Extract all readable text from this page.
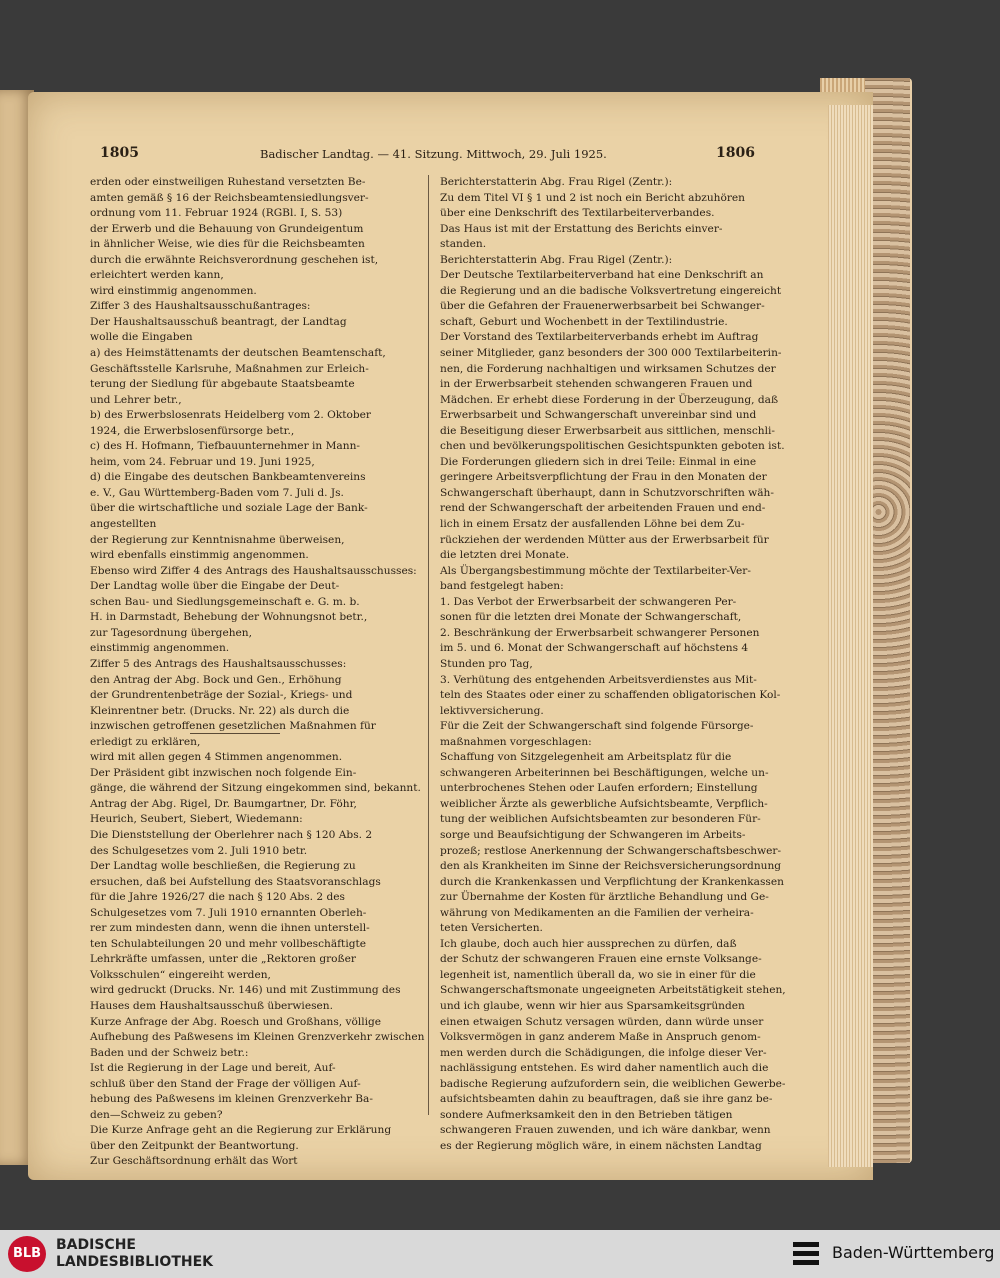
1805	Badischer Landtag. — 41. Sitzung. Mittwoch, 29. Juli 1925.	1806

erden oder einstweiligen Ruhestand versetzten Be-

amten gemäß § 16 der Reichsbeamtensiedlungsver-

ordnung vom 11. Februar 1924 (RGBl. I, S. 53)

der Erwerb und die Behauung von Grundeigentum

in ähnlicher Weise, wie dies für die Reichsbeamten

durch die erwähnte Reichsverordnung geschehen ist,

erleichtert werden kann,

wird einstimmig angenommen.

Ziffer 3 des Haushaltsausschußantrages:

Der Haushaltsausschuß beantragt, der Landtag

wolle die Eingaben

a) des Heimstättenamts der deutschen Beamtenschaft,

Geschäftsstelle Karlsruhe, Maßnahmen zur Erleich-

terung der Siedlung für abgebaute Staatsbeamte

und Lehrer betr.,

b) des Erwerbslosenrats Heidelberg vom 2. Oktober

1924, die Erwerbslosenfürsorge betr.,

c) des H. Hofmann, Tiefbauunternehmer in Mann-

heim, vom 24. Februar und 19. Juni 1925,

d) die Eingabe des deutschen Bankbeamtenvereins

e. V., Gau Württemberg-Baden vom 7. Juli d. Js.

über die wirtschaftliche und soziale Lage der Bank-

angestellten

der Regierung zur Kenntnisnahme überweisen,

wird ebenfalls einstimmig angenommen.

Ebenso wird Ziffer 4 des Antrags des Haushaltsausschusses:

Der Landtag wolle über die Eingabe der Deut-

schen Bau- und Siedlungsgemeinschaft e. G. m. b.

H. in Darmstadt, Behebung der Wohnungsnot betr.,

zur Tagesordnung übergehen,

einstimmig angenommen.

Ziffer 5 des Antrags des Haushaltsausschusses:

den Antrag der Abg. Bock und Gen., Erhöhung

der Grundrentenbeträge der Sozial-, Kriegs- und

Kleinrentner betr. (Drucks. Nr. 22) als durch die

inzwischen getroffenen gesetzlichen Maßnahmen für

erledigt zu erklären,

wird mit allen gegen 4 Stimmen angenommen.

Der Präsident gibt inzwischen noch folgende Ein-

gänge, die während der Sitzung eingekommen sind, bekannt.

Antrag der Abg. Rigel, Dr. Baumgartner, Dr. Föhr,

Heurich, Seubert, Siebert, Wiedemann:

Die Dienststellung der Oberlehrer nach § 120 Abs. 2

des Schulgesetzes vom 2. Juli 1910 betr.

Der Landtag wolle beschließen, die Regierung zu

ersuchen, daß bei Aufstellung des Staatsvoranschlags

für die Jahre 1926/27 die nach § 120 Abs. 2 des

Schulgesetzes vom 7. Juli 1910 ernannten Oberleh-

rer zum mindesten dann, wenn die ihnen unterstell-

ten Schulabteilungen 20 und mehr vollbeschäftigte

Lehrkräfte umfassen, unter die „Rektoren großer

Volksschulen“ eingereiht werden,

wird gedruckt (Drucks. Nr. 146) und mit Zustimmung des

Hauses dem Haushaltsausschuß überwiesen.

Kurze Anfrage der Abg. Roesch und Großhans, völlige

Aufhebung des Paßwesens im Kleinen Grenzverkehr zwischen

Baden und der Schweiz betr.:

Ist die Regierung in der Lage und bereit, Auf-

schluß über den Stand der Frage der völligen Auf-

hebung des Paßwesens im kleinen Grenzverkehr Ba-

den—Schweiz zu geben?

Die Kurze Anfrage geht an die Regierung zur Erklärung

über den Zeitpunkt der Beantwortung.

Zur Geschäftsordnung erhält das Wort

Berichterstatterin Abg. Frau Rigel (Zentr.):

Zu dem Titel VI § 1 und 2 ist noch ein Bericht abzuhören

über eine Denkschrift des Textilarbeiterverbandes.

Das Haus ist mit der Erstattung des Berichts einver-

standen.

Berichterstatterin Abg. Frau Rigel (Zentr.):

Der Deutsche Textilarbeiterverband hat eine Denkschrift an

die Regierung und an die badische Volksvertretung eingereicht

über die Gefahren der Frauenerwerbsarbeit bei Schwanger-

schaft, Geburt und Wochenbett in der Textilindustrie.

Der Vorstand des Textilarbeiterverbands erhebt im Auftrag

seiner Mitglieder, ganz besonders der 300 000 Textilarbeiterin-

nen, die Forderung nachhaltigen und wirksamen Schutzes der

in der Erwerbsarbeit stehenden schwangeren Frauen und

Mädchen. Er erhebt diese Forderung in der Überzeugung, daß

Erwerbsarbeit und Schwangerschaft unvereinbar sind und

die Beseitigung dieser Erwerbsarbeit aus sittlichen, menschli-

chen und bevölkerungspolitischen Gesichtspunkten geboten ist.

Die Forderungen gliedern sich in drei Teile: Einmal in eine

geringere Arbeitsverpflichtung der Frau in den Monaten der

Schwangerschaft überhaupt, dann in Schutzvorschriften wäh-

rend der Schwangerschaft der arbeitenden Frauen und end-

lich in einem Ersatz der ausfallenden Löhne bei dem Zu-

rückziehen der werdenden Mütter aus der Erwerbsarbeit für

die letzten drei Monate.

Als Übergangsbestimmung möchte der Textilarbeiter-Ver-

band festgelegt haben:

1. Das Verbot der Erwerbsarbeit der schwangeren Per-

sonen für die letzten drei Monate der Schwangerschaft,

2. Beschränkung der Erwerbsarbeit schwangerer Personen

im 5. und 6. Monat der Schwangerschaft auf höchstens 4

Stunden pro Tag,

3. Verhütung des entgehenden Arbeitsverdienstes aus Mit-

teln des Staates oder einer zu schaffenden obligatorischen Kol-

lektivversicherung.

Für die Zeit der Schwangerschaft sind folgende Fürsorge-

maßnahmen vorgeschlagen:

Schaffung von Sitzgelegenheit am Arbeitsplatz für die

schwangeren Arbeiterinnen bei Beschäftigungen, welche un-

unterbrochenes Stehen oder Laufen erfordern; Einstellung

weiblicher Ärzte als gewerbliche Aufsichtsbeamte, Verpflich-

tung der weiblichen Aufsichtsbeamten zur besonderen Für-

sorge und Beaufsichtigung der Schwangeren im Arbeits-

prozeß; restlose Anerkennung der Schwangerschaftsbeschwer-

den als Krankheiten im Sinne der Reichsversicherungsordnung

durch die Krankenkassen und Verpflichtung der Krankenkassen

zur Übernahme der Kosten für ärztliche Behandlung und Ge-

währung von Medikamenten an die Familien der verheira-

teten Versicherten.

Ich glaube, doch auch hier aussprechen zu dürfen, daß

der Schutz der schwangeren Frauen eine ernste Volksange-

legenheit ist, namentlich überall da, wo sie in einer für die

Schwangerschaftsmonate ungeeigneten Arbeitstätigkeit stehen,

und ich glaube, wenn wir hier aus Sparsamkeitsgründen

einen etwaigen Schutz versagen würden, dann würde unser

Volksvermögen in ganz anderem Maße in Anspruch genom-

men werden durch die Schädigungen, die infolge dieser Ver-

nachlässigung entstehen. Es wird daher namentlich auch die

badische Regierung aufzufordern sein, die weiblichen Gewerbe-

aufsichtsbeamten dahin zu beauftragen, daß sie ihre ganz be-

sondere Aufmerksamkeit den in den Betrieben tätigen

schwangeren Frauen zuwenden, und ich wäre dankbar, wenn

es der Regierung möglich wäre, in einem nächsten Landtag

BLB
BADISCHE
LANDESBIBLIOTHEK	Baden-Württemberg
